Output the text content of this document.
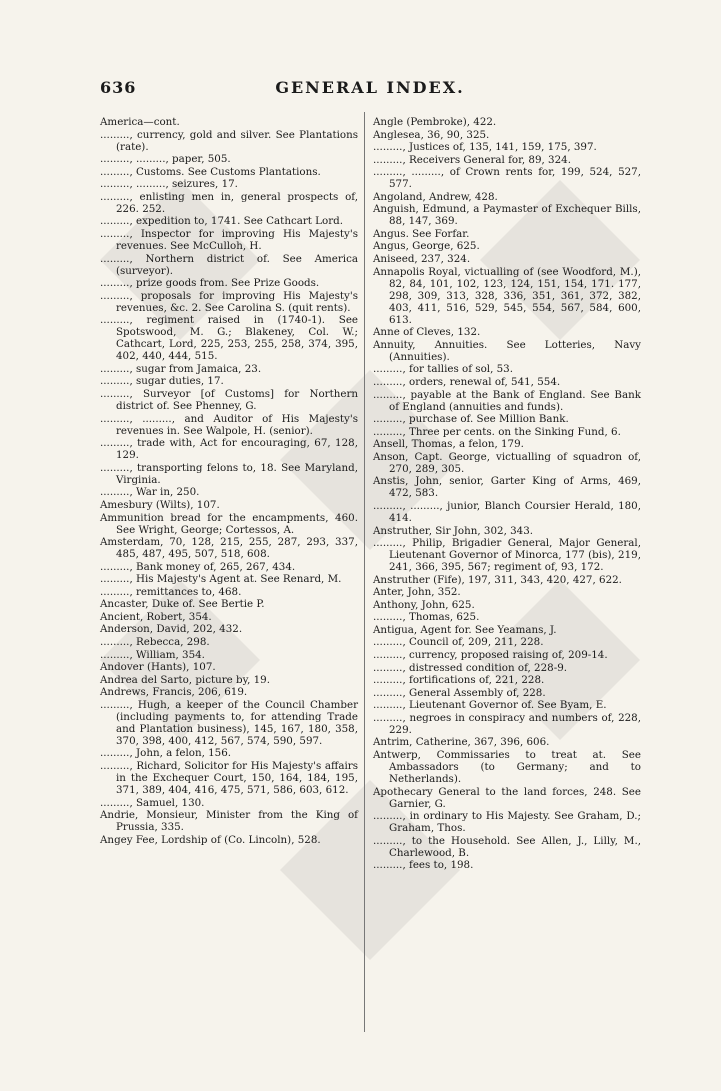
636	GENERAL INDEX.

America—cont.

........., currency, gold and silver. See Plantations (rate).

........., ........., paper, 505.

........., Customs. See Customs Plantations.

........., ........., seizures, 17.

........., enlisting men in, general prospects of, 226. 252.

........., expedition to, 1741. See Cathcart Lord.

........., Inspector for improving His Majesty's revenues. See McCulloh, H.

........., Northern district of. See America (surveyor).

........., prize goods from. See Prize Goods.

........., proposals for improving His Majesty's revenues, &c. 2. See Carolina S. (quit rents).

........., regiment raised in (1740-1). See Spotswood, M. G.; Blakeney, Col. W.; Cathcart, Lord, 225, 253, 255, 258, 374, 395, 402, 440, 444, 515.

........., sugar from Jamaica, 23.

........., sugar duties, 17.

........., Surveyor [of Customs] for Northern district of. See Phenney, G.

........., ........., and Auditor of His Majesty's revenues in. See Walpole, H. (senior).

........., trade with, Act for encouraging, 67, 128, 129.

........., transporting felons to, 18. See Maryland, Virginia.

........., War in, 250.

Amesbury (Wilts), 107.

Ammunition bread for the encampments, 460. See Wright, George; Cortessos, A.

Amsterdam, 70, 128, 215, 255, 287, 293, 337, 485, 487, 495, 507, 518, 608.

........., Bank money of, 265, 267, 434.

........., His Majesty's Agent at. See Renard, M.

........., remittances to, 468.

Ancaster, Duke of. See Bertie P.

Ancient, Robert, 354.

Anderson, David, 202, 432.

........., Rebecca, 298.

........., William, 354.

Andover (Hants), 107.

Andrea del Sarto, picture by, 19.

Andrews, Francis, 206, 619.

........., Hugh, a keeper of the Council Chamber (including payments to, for attending Trade and Plantation business), 145, 167, 180, 358, 370, 398, 400, 412, 567, 574, 590, 597.

........., John, a felon, 156.

........., Richard, Solicitor for His Majesty's affairs in the Exchequer Court, 150, 164, 184, 195, 371, 389, 404, 416, 475, 571, 586, 603, 612.

........., Samuel, 130.

Andrie, Monsieur, Minister from the King of Prussia, 335.

Angey Fee, Lordship of (Co. Lincoln), 528.

Angle (Pembroke), 422.

Anglesea, 36, 90, 325.

........., Justices of, 135, 141, 159, 175, 397.

........., Receivers General for, 89, 324.

........., ........., of Crown rents for, 199, 524, 527, 577.

Angoland, Andrew, 428.

Anguish, Edmund, a Paymaster of Exchequer Bills, 88, 147, 369.

Angus. See Forfar.

Angus, George, 625.

Aniseed, 237, 324.

Annapolis Royal, victualling of (see Woodford, M.), 82, 84, 101, 102, 123, 124, 151, 154, 171. 177, 298, 309, 313, 328, 336, 351, 361, 372, 382, 403, 411, 516, 529, 545, 554, 567, 584, 600, 613.

Anne of Cleves, 132.

Annuity, Annuities. See Lotteries, Navy (Annuities).

........., for tallies of sol, 53.

........., orders, renewal of, 541, 554.

........., payable at the Bank of England. See Bank of England (annuities and funds).

........., purchase of. See Million Bank.

........., Three per cents. on the Sinking Fund, 6.

Ansell, Thomas, a felon, 179.

Anson, Capt. George, victualling of squadron of, 270, 289, 305.

Anstis, John, senior, Garter King of Arms, 469, 472, 583.

........., ........., junior, Blanch Coursier Herald, 180, 414.

Anstruther, Sir John, 302, 343.

........., Philip, Brigadier General, Major General, Lieutenant Governor of Minorca, 177 (bis), 219, 241, 366, 395, 567; regiment of, 93, 172.

Anstruther (Fife), 197, 311, 343, 420, 427, 622.

Anter, John, 352.

Anthony, John, 625.

........., Thomas, 625.

Antigua, Agent for. See Yeamans, J.

........., Council of, 209, 211, 228.

........., currency, proposed raising of, 209-14.

........., distressed condition of, 228-9.

........., fortifications of, 221, 228.

........., General Assembly of, 228.

........., Lieutenant Governor of. See Byam, E.

........., negroes in conspiracy and numbers of, 228, 229.

Antrim, Catherine, 367, 396, 606.

Antwerp, Commissaries to treat at. See Ambassadors (to Germany; and to Netherlands).

Apothecary General to the land forces, 248. See Garnier, G.

........., in ordinary to His Majesty. See Graham, D.; Graham, Thos.

........., to the Household. See Allen, J., Lilly, M., Charlewood, B.

........., fees to, 198.
